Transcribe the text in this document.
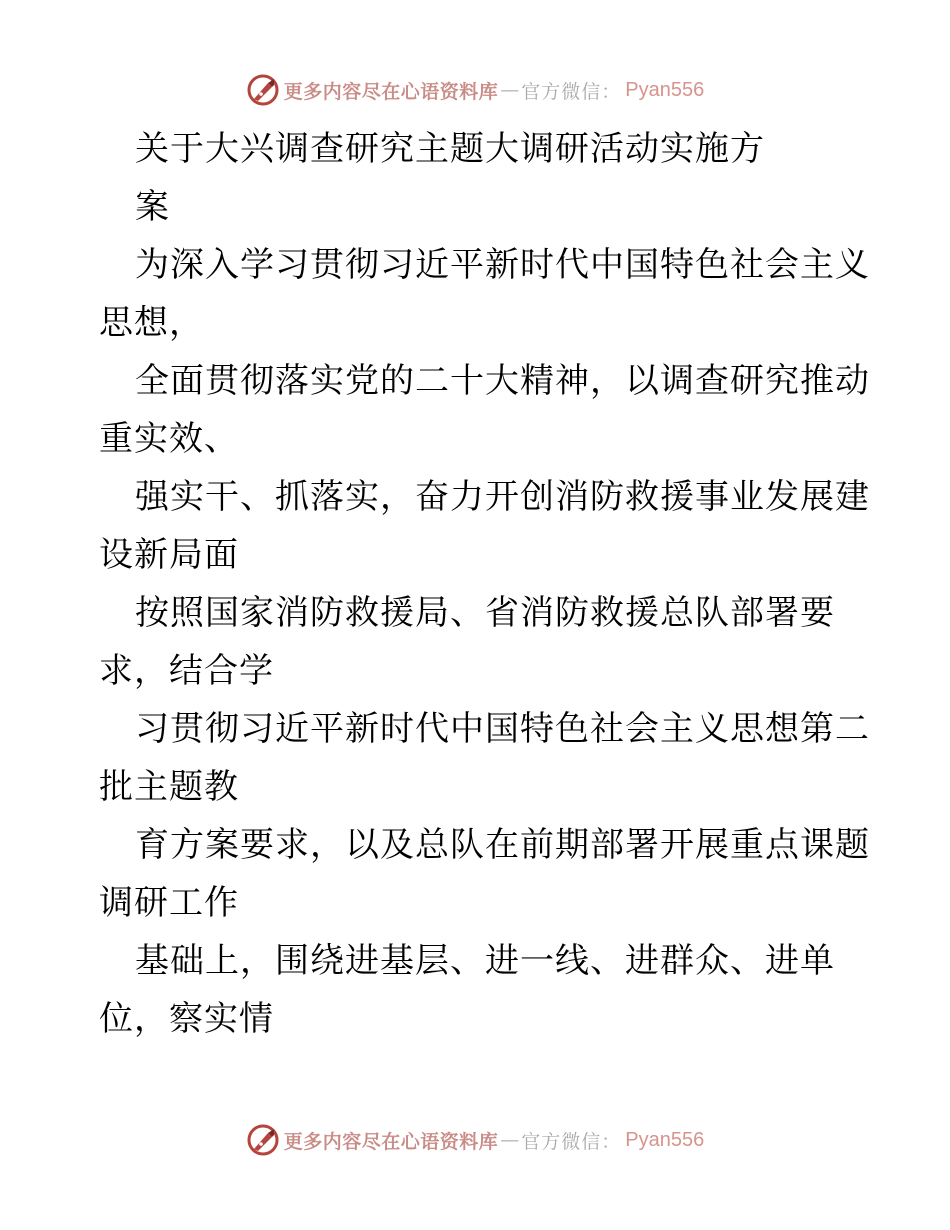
更多内容尽在心语资料库 — 官方微信： Pyan556
关于大兴调查研究主题大调研活动实施方
案
为深入学习贯彻习近平新时代中国特色社会主义
思想，
全面贯彻落实党的二十大精神，以调查研究推动
重实效、
强实干、抓落实，奋力开创消防救援事业发展建
设新局面
按照国家消防救援局、省消防救援总队部署要
求，结合学
习贯彻习近平新时代中国特色社会主义思想第二
批主题教
育方案要求，以及总队在前期部署开展重点课题
调研工作
基础上，围绕进基层、进一线、进群众、进单
位，察实情
更多内容尽在心语资料库 — 官方微信： Pyan556
